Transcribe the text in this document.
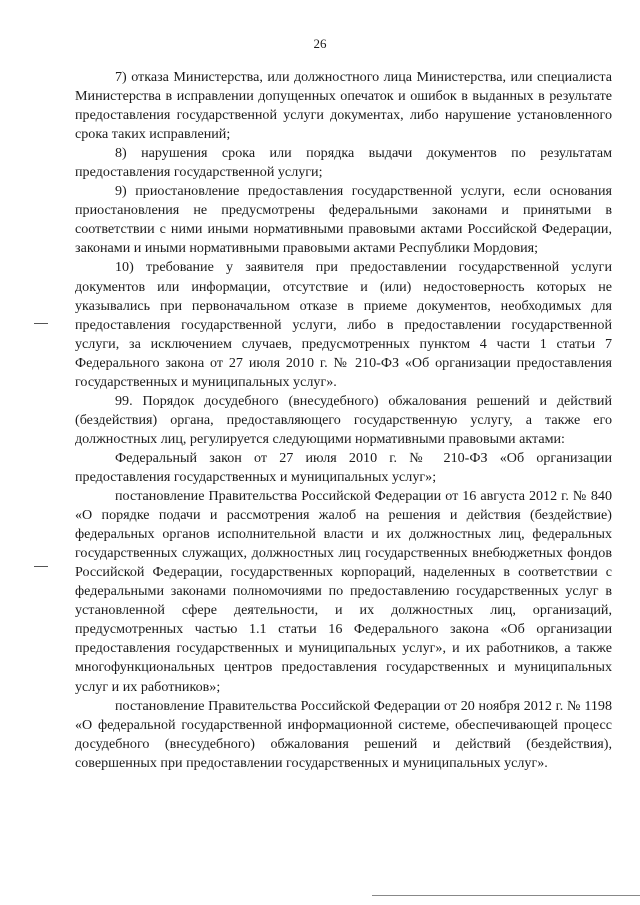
26

7) отказа Министерства, или должностного лица Министерства, или специалиста Министерства в исправлении допущенных опечаток и ошибок в выданных в результате предоставления государственной услуги документах, либо нарушение установленного срока таких исправлений;

8) нарушения срока или порядка выдачи документов по результатам предоставления государственной услуги;

9) приостановление предоставления государственной услуги, если основания приостановления не предусмотрены федеральными законами и принятыми в соответствии с ними иными нормативными правовыми актами Российской Федерации, законами и иными нормативными правовыми актами Республики Мордовия;

10) требование у заявителя при предоставлении государственной услуги документов или информации, отсутствие и (или) недостоверность которых не указывались при первоначальном отказе в приеме документов, необходимых для предоставления государственной услуги, либо в предоставлении государственной услуги, за исключением случаев, предусмотренных пунктом 4 части 1 статьи 7 Федерального закона от 27 июля 2010 г. № 210-ФЗ «Об организации предоставления государственных и муниципальных услуг».

99. Порядок досудебного (внесудебного) обжалования решений и действий (бездействия) органа, предоставляющего государственную услугу, а также его должностных лиц, регулируется следующими нормативными правовыми актами:

Федеральный закон от 27 июля 2010 г. № 210-ФЗ «Об организации предоставления государственных и муниципальных услуг»;

постановление Правительства Российской Федерации от 16 августа 2012 г. № 840 «О порядке подачи и рассмотрения жалоб на решения и действия (бездействие) федеральных органов исполнительной власти и их должностных лиц, федеральных государственных служащих, должностных лиц государственных внебюджетных фондов Российской Федерации, государственных корпораций, наделенных в соответствии с федеральными законами полномочиями по предоставлению государственных услуг в установленной сфере деятельности, и их должностных лиц, организаций, предусмотренных частью 1.1 статьи 16 Федерального закона «Об организации предоставления государственных и муниципальных услуг», и их работников, а также многофункциональных центров предоставления государственных и муниципальных услуг и их работников»;

постановление Правительства Российской Федерации от 20 ноября 2012 г. № 1198 «О федеральной государственной информационной системе, обеспечивающей процесс досудебного (внесудебного) обжалования решений и действий (бездействия), совершенных при предоставлении государственных и муниципальных услуг».
